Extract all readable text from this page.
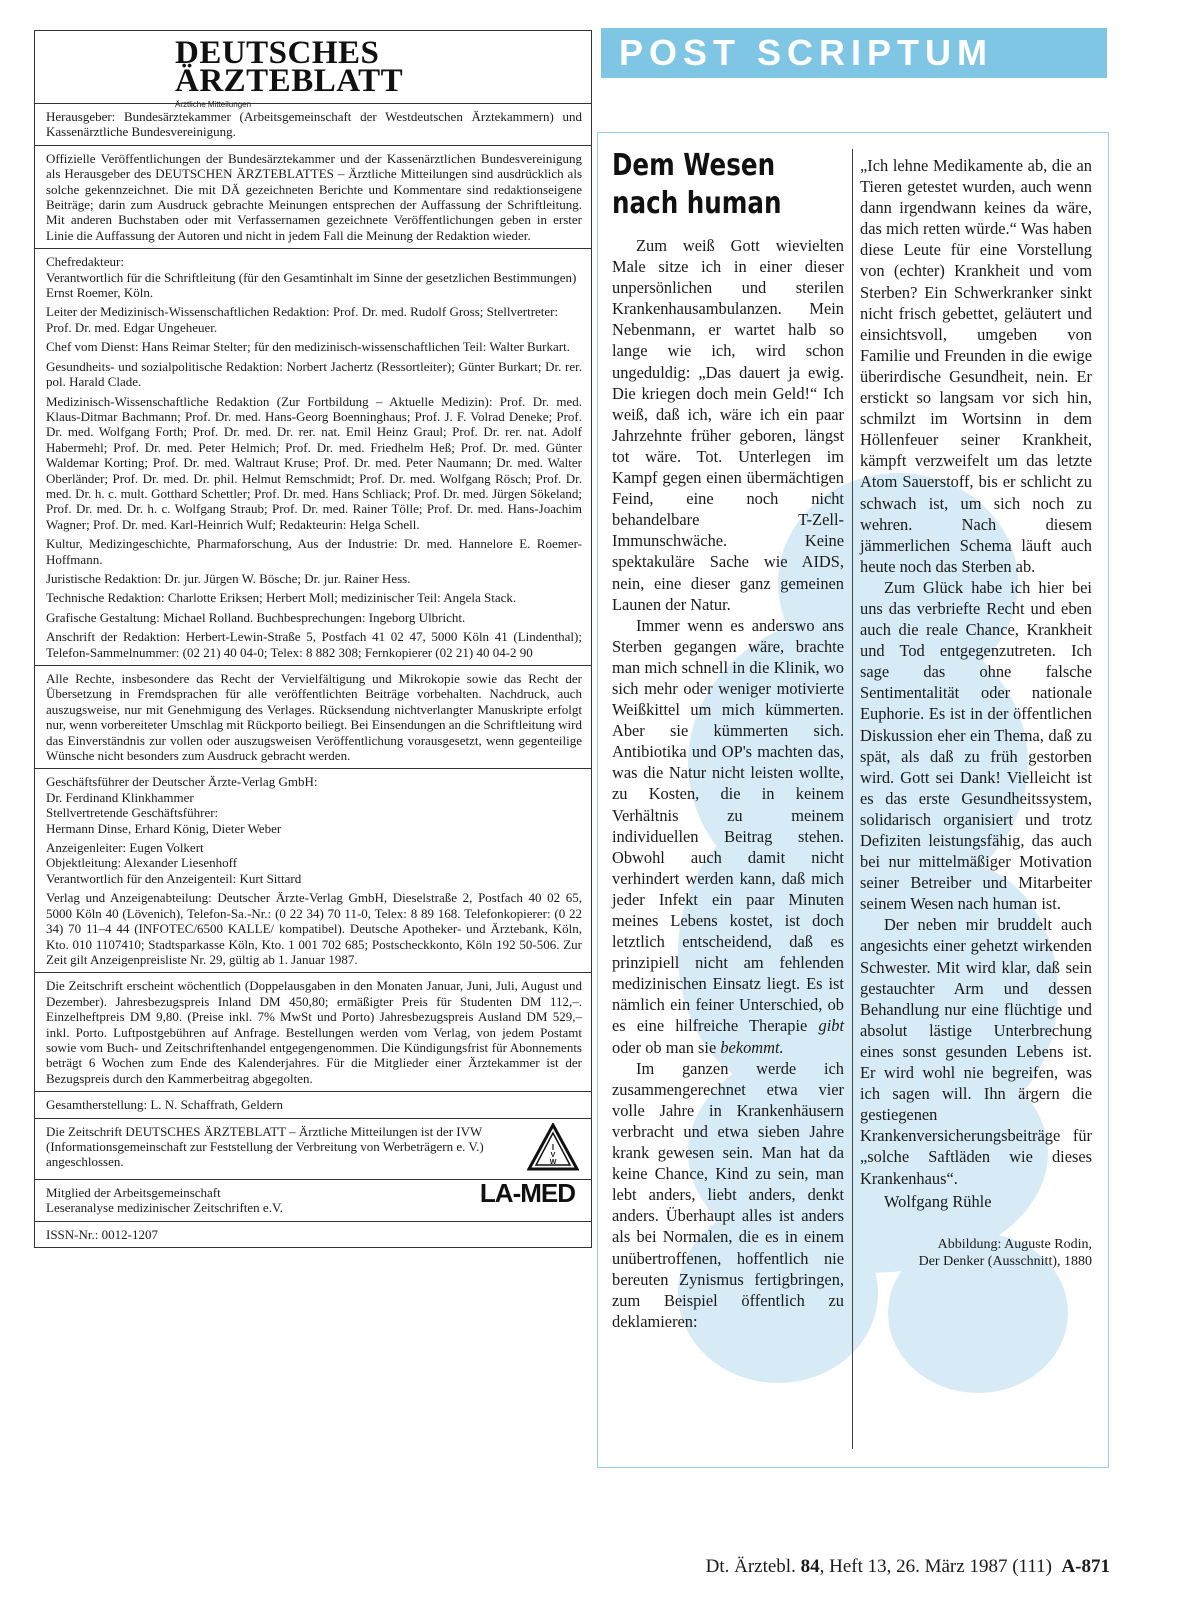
DEUTSCHES
ÄRZTEBLATT
Ärztliche Mitteilungen

Herausgeber: Bundesärztekammer (Arbeitsgemeinschaft der Westdeutschen Ärztekammern) und Kassenärztliche Bundesvereinigung.

Offizielle Veröffentlichungen der Bundesärztekammer und der Kassenärztlichen Bundesvereinigung als Herausgeber des DEUTSCHEN ÄRZTEBLATTES – Ärztliche Mitteilungen sind ausdrücklich als solche gekennzeichnet. Die mit DÄ gezeichneten Berichte und Kommentare sind redaktionseigene Beiträge; darin zum Ausdruck gebrachte Meinungen entsprechen der Auffassung der Schriftleitung. Mit anderen Buchstaben oder mit Verfassernamen gezeichnete Veröffentlichungen geben in erster Linie die Auffassung der Autoren und nicht in jedem Fall die Meinung der Redaktion wieder.

Chefredakteur:

Verantwortlich für die Schriftleitung (für den Gesamtinhalt im Sinne der gesetzlichen Bestimmungen)

Ernst Roemer, Köln.

Leiter der Medizinisch-Wissenschaftlichen Redaktion: Prof. Dr. med. Rudolf Gross; Stellvertreter: Prof. Dr. med. Edgar Ungeheuer.

Chef vom Dienst: Hans Reimar Stelter; für den medizinisch-wissenschaftlichen Teil: Walter Burkart.

Gesundheits- und sozialpolitische Redaktion: Norbert Jachertz (Ressortleiter); Günter Burkart; Dr. rer. pol. Harald Clade.

Medizinisch-Wissenschaftliche Redaktion (Zur Fortbildung – Aktuelle Medizin): Prof. Dr. med. Klaus-Ditmar Bachmann; Prof. Dr. med. Hans-Georg Boenninghaus; Prof. J. F. Volrad Deneke; Prof. Dr. med. Wolfgang Forth; Prof. Dr. med. Dr. rer. nat. Emil Heinz Graul; Prof. Dr. rer. nat. Adolf Habermehl; Prof. Dr. med. Peter Helmich; Prof. Dr. med. Friedhelm Heß; Prof. Dr. med. Günter Waldemar Korting; Prof. Dr. med. Waltraut Kruse; Prof. Dr. med. Peter Naumann; Dr. med. Walter Oberländer; Prof. Dr. med. Dr. phil. Helmut Remschmidt; Prof. Dr. med. Wolfgang Rösch; Prof. Dr. med. Dr. h. c. mult. Gotthard Schettler; Prof. Dr. med. Hans Schliack; Prof. Dr. med. Jürgen Sökeland; Prof. Dr. med. Dr. h. c. Wolfgang Straub; Prof. Dr. med. Rainer Tölle; Prof. Dr. med. Hans-Joachim Wagner; Prof. Dr. med. Karl-Heinrich Wulf; Redakteurin: Helga Schell.

Kultur, Medizingeschichte, Pharmaforschung, Aus der Industrie: Dr. med. Hannelore E. Roemer-Hoffmann.

Juristische Redaktion: Dr. jur. Jürgen W. Bösche; Dr. jur. Rainer Hess.

Technische Redaktion: Charlotte Eriksen; Herbert Moll; medizinischer Teil: Angela Stack.

Grafische Gestaltung: Michael Rolland. Buchbesprechungen: Ingeborg Ulbricht.

Anschrift der Redaktion: Herbert-Lewin-Straße 5, Postfach 41 02 47, 5000 Köln 41 (Lindenthal); Telefon-Sammelnummer: (02 21) 40 04-0; Telex: 8 882 308; Fernkopierer (02 21) 40 04-2 90

Alle Rechte, insbesondere das Recht der Vervielfältigung und Mikrokopie sowie das Recht der Übersetzung in Fremdsprachen für alle veröffentlichten Beiträge vorbehalten. Nachdruck, auch auszugsweise, nur mit Genehmigung des Verlages. Rücksendung nichtverlangter Manuskripte erfolgt nur, wenn vorbereiteter Umschlag mit Rückporto beiliegt. Bei Einsendungen an die Schriftleitung wird das Einverständnis zur vollen oder auszugsweisen Veröffentlichung vorausgesetzt, wenn gegenteilige Wünsche nicht besonders zum Ausdruck gebracht werden.

Geschäftsführer der Deutscher Ärzte-Verlag GmbH:

Dr. Ferdinand Klinkhammer

Stellvertretende Geschäftsführer:

Hermann Dinse, Erhard König, Dieter Weber

Anzeigenleiter: Eugen Volkert

Objektleitung: Alexander Liesenhoff

Verantwortlich für den Anzeigenteil: Kurt Sittard

Verlag und Anzeigenabteilung: Deutscher Ärzte-Verlag GmbH, Dieselstraße 2, Postfach 40 02 65, 5000 Köln 40 (Lövenich), Telefon-Sa.-Nr.: (0 22 34) 70 11-0, Telex: 8 89 168. Telefonkopierer: (0 22 34) 70 11–4 44 (INFOTEC/6500 KALLE/ kompatibel). Deutsche Apotheker- und Ärztebank, Köln, Kto. 010 1107410; Stadtsparkasse Köln, Kto. 1 001 702 685; Postscheckkonto, Köln 192 50-506. Zur Zeit gilt Anzeigenpreisliste Nr. 29, gültig ab 1. Januar 1987.

Die Zeitschrift erscheint wöchentlich (Doppelausgaben in den Monaten Januar, Juni, Juli, August und Dezember). Jahresbezugspreis Inland DM 450,80; ermäßigter Preis für Studenten DM 112,–. Einzelheftpreis DM 9,80. (Preise inkl. 7% MwSt und Porto) Jahresbezugspreis Ausland DM 529,– inkl. Porto. Luftpostgebühren auf Anfrage. Bestellungen werden vom Verlag, von jedem Postamt sowie vom Buch- und Zeitschriftenhandel entgegengenommen. Die Kündigungsfrist für Abonnements beträgt 6 Wochen zum Ende des Kalenderjahres. Für die Mitglieder einer Ärztekammer ist der Bezugspreis durch den Kammerbeitrag abgegolten.

Gesamtherstellung: L. N. Schaffrath, Geldern

Die Zeitschrift DEUTSCHES ÄRZTEBLATT – Ärztliche Mitteilungen ist der IVW (Informationsgemeinschaft zur Feststellung der Verbreitung von Werbeträgern e. V.) angeschlossen.

I
V
W

Mitglied der Arbeitsgemeinschaft

Leseranalyse medizinischer Zeitschriften e.V.	LA-MED

ISSN-Nr.: 0012-1207

POST SCRIPTUM
Dem Wesen
nach human

Zum weiß Gott wievielten Male sitze ich in einer dieser unpersönlichen und sterilen Krankenhausambulanzen. Mein Nebenmann, er wartet halb so lange wie ich, wird schon ungeduldig: „Das dauert ja ewig. Die kriegen doch mein Geld!“ Ich weiß, daß ich, wäre ich ein paar Jahrzehnte früher geboren, längst tot wäre. Tot. Unterlegen im Kampf gegen einen übermächtigen Feind, eine noch nicht behandelbare T-Zell-Immunschwäche. Keine spektakuläre Sache wie AIDS, nein, eine dieser ganz gemeinen Launen der Natur.

Immer wenn es anderswo ans Sterben gegangen wäre, brachte man mich schnell in die Klinik, wo sich mehr oder weniger motivierte Weißkittel um mich kümmerten. Aber sie kümmerten sich. Antibiotika und OP's machten das, was die Natur nicht leisten wollte, zu Kosten, die in keinem Verhältnis zu meinem individuellen Beitrag stehen. Obwohl auch damit nicht verhindert werden kann, daß mich jeder Infekt ein paar Minuten meines Lebens kostet, ist doch letztlich entscheidend, daß es prinzipiell nicht am fehlenden medizinischen Einsatz liegt. Es ist nämlich ein feiner Unterschied, ob es eine hilfreiche Therapie gibt oder ob man sie bekommt.

Im ganzen werde ich zusammengerechnet etwa vier volle Jahre in Krankenhäusern verbracht und etwa sieben Jahre krank gewesen sein. Man hat da keine Chance, Kind zu sein, man lebt anders, liebt anders, denkt anders. Überhaupt alles ist anders als bei Normalen, die es in einem unübertroffenen, hoffentlich nie bereuten Zynismus fertigbringen, zum Beispiel öffentlich zu deklamieren:

„Ich lehne Medikamente ab, die an Tieren getestet wurden, auch wenn dann irgendwann keines da wäre, das mich retten würde.“ Was haben diese Leute für eine Vorstellung von (echter) Krankheit und vom Sterben? Ein Schwerkranker sinkt nicht frisch gebettet, geläutert und einsichtsvoll, umgeben von Familie und Freunden in die ewige überirdische Gesundheit, nein. Er erstickt so langsam vor sich hin, schmilzt im Wortsinn in dem Höllenfeuer seiner Krankheit, kämpft verzweifelt um das letzte Atom Sauerstoff, bis er schlicht zu schwach ist, um sich noch zu wehren. Nach diesem jämmerlichen Schema läuft auch heute noch das Sterben ab.

Zum Glück habe ich hier bei uns das verbriefte Recht und eben auch die reale Chance, Krankheit und Tod entgegenzutreten. Ich sage das ohne falsche Sentimentalität oder nationale Euphorie. Es ist in der öffentlichen Diskussion eher ein Thema, daß zu spät, als daß zu früh gestorben wird. Gott sei Dank! Vielleicht ist es das erste Gesundheitssystem, solidarisch organisiert und trotz Defiziten leistungsfähig, das auch bei nur mittelmäßiger Motivation seiner Betreiber und Mitarbeiter seinem Wesen nach human ist.

Der neben mir bruddelt auch angesichts einer gehetzt wirkenden Schwester. Mit wird klar, daß sein gestauchter Arm und dessen Behandlung nur eine flüchtige und absolut lästige Unterbrechung eines sonst gesunden Lebens ist. Er wird wohl nie begreifen, was ich sagen will. Ihn ärgern die gestiegenen Krankenversicherungsbeiträge für „solche Saftläden wie dieses Krankenhaus“.

Wolfgang Rühle

Abbildung: Auguste Rodin,
Der Denker (Ausschnitt), 1880
Dt. Ärztebl. 84, Heft 13, 26. März 1987 (111) A-871
